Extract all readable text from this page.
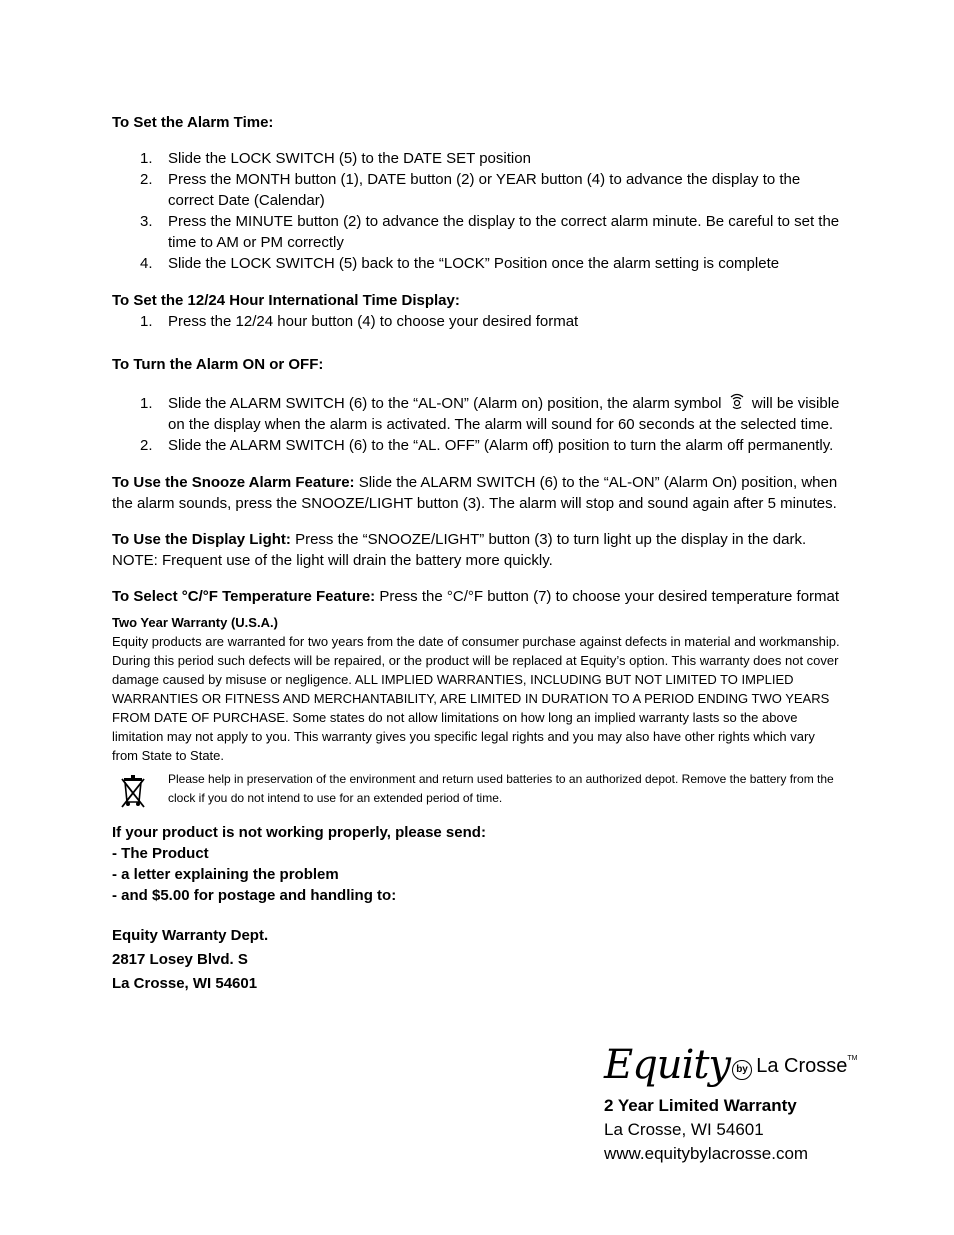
To Set the Alarm Time:

1. Slide the LOCK SWITCH (5) to the DATE SET position
2. Press the MONTH button (1), DATE button (2) or YEAR button (4) to advance the display to the correct Date (Calendar)
3. Press the MINUTE button (2) to advance the display to the correct alarm minute. Be careful to set the time to AM or PM correctly
4. Slide the LOCK SWITCH (5) back to the “LOCK” Position once the alarm setting is complete

To Set the 12/24 Hour International Time Display:

1. Press the 12/24 hour button (4) to choose your desired format

To Turn the Alarm ON or OFF:

1. Slide the ALARM SWITCH (6) to the “AL-ON” (Alarm on) position, the alarm symbol will be visible on the display when the alarm is activated. The alarm will sound for 60 seconds at the selected time.
2. Slide the ALARM SWITCH (6) to the “AL. OFF” (Alarm off) position to turn the alarm off permanently.

To Use the Snooze Alarm Feature: Slide the ALARM SWITCH (6) to the “AL-ON” (Alarm On) position, when the alarm sounds, press the SNOOZE/LIGHT button (3). The alarm will stop and sound again after 5 minutes.

To Use the Display Light: Press the “SNOOZE/LIGHT” button (3) to turn light up the display in the dark. NOTE: Frequent use of the light will drain the battery more quickly.

To Select °C/°F Temperature Feature: Press the °C/°F button (7) to choose your desired temperature format

Two Year Warranty (U.S.A.)

Equity products are warranted for two years from the date of consumer purchase against defects in material and workmanship. During this period such defects will be repaired, or the product will be replaced at Equity’s option. This warranty does not cover damage caused by misuse or negligence. ALL IMPLIED WARRANTIES, INCLUDING BUT NOT LIMITED TO IMPLIED WARRANTIES OR FITNESS AND MERCHANTABILITY, ARE LIMITED IN DURATION TO A PERIOD ENDING TWO YEARS FROM DATE OF PURCHASE. Some states do not allow limitations on how long an implied warranty lasts so the above limitation may not apply to you. This warranty gives you specific legal rights and you may also have other rights which vary from State to State.

Please help in preservation of the environment and return used batteries to an authorized depot. Remove the battery from the clock if you do not intend to use for an extended period of time.

If your product is not working properly, please send:

- The Product

- a letter explaining the problem

- and $5.00 for postage and handling to:

Equity Warranty Dept.

2817 Losey Blvd. S

La Crosse, WI 54601

Equity by La Crosse™
2 Year Limited Warranty
La Crosse, WI 54601
www.equitybylacrosse.com
